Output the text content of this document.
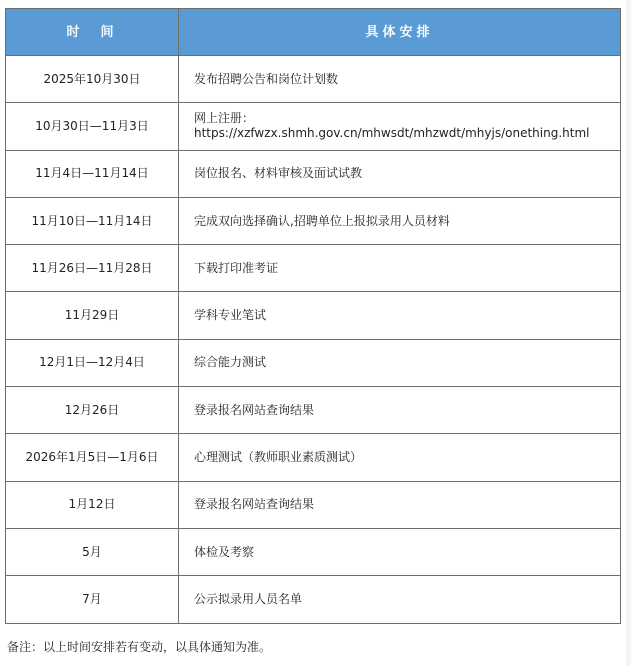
时　间	具体安排
2025年10月30日	发布招聘公告和岗位计划数

10月30日—11月3日	网上注册：
https://xzfwzx.shmh.gov.cn/mhwsdt/mhzwdt/mhyjs/onething.html

11月4日—11月14日	岗位报名、材料审核及面试试教

11月10日—11月14日	完成双向选择确认,招聘单位上报拟录用人员材料

11月26日—11月28日	下载打印准考证

11月29日	学科专业笔试

12月1日—12月4日	综合能力测试

12月26日	登录报名网站查询结果

2026年1月5日—1月6日	心理测试（教师职业素质测试）

1月12日	登录报名网站查询结果

5月	体检及考察

7月	公示拟录用人员名单
备注：以上时间安排若有变动，以具体通知为准。
